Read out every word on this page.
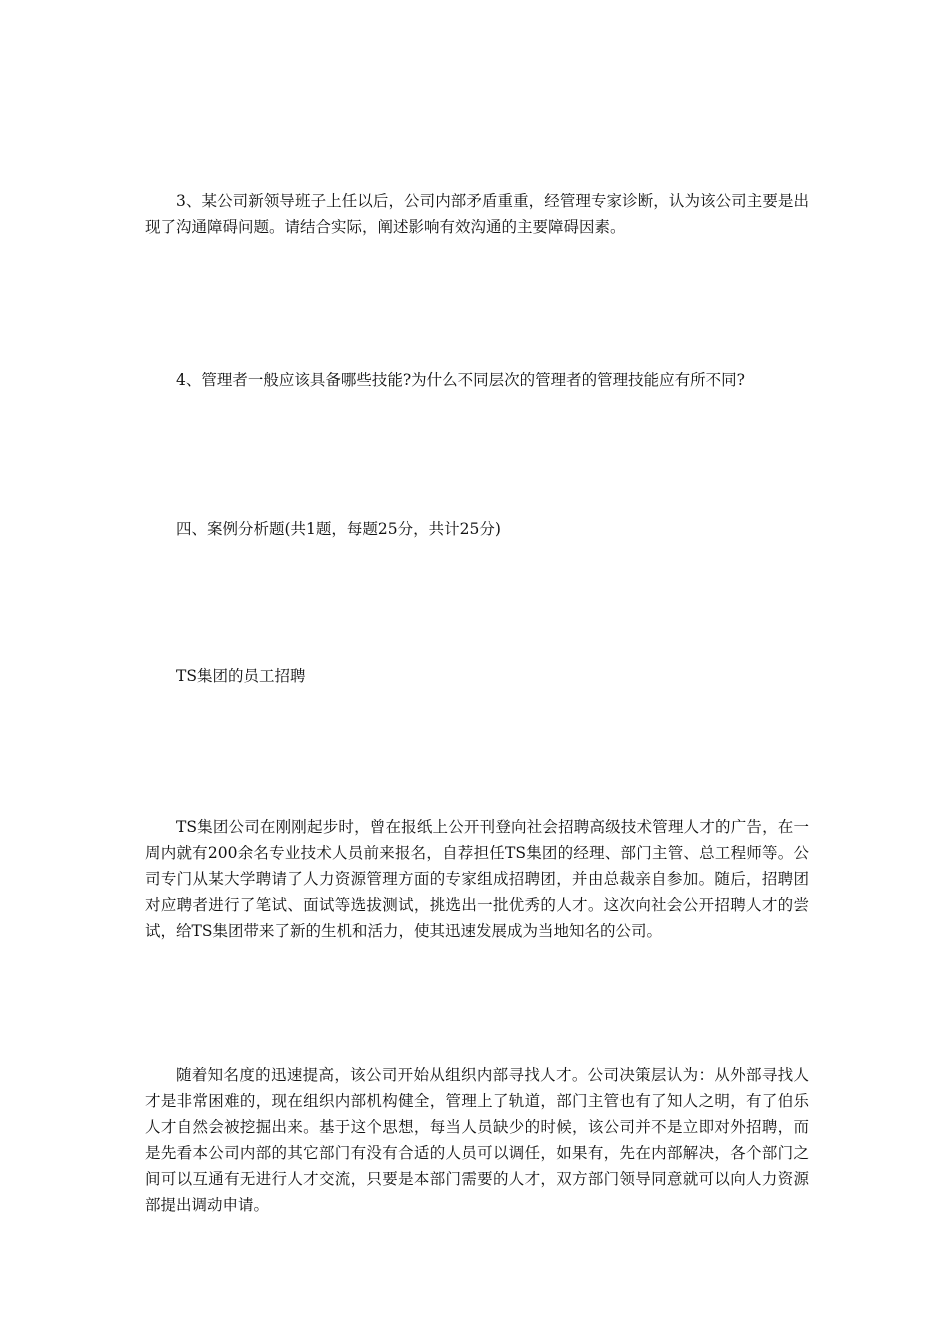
3、某公司新领导班子上任以后，公司内部矛盾重重，经管理专家诊断，认为该公司主要是出现了沟通障碍问题。请结合实际，阐述影响有效沟通的主要障碍因素。

4、管理者一般应该具备哪些技能?为什么不同层次的管理者的管理技能应有所不同?

四、案例分析题(共1题，每题25分，共计25分)

TS集团的员工招聘

TS集团公司在刚刚起步时，曾在报纸上公开刊登向社会招聘高级技术管理人才的广告，在一周内就有200余名专业技术人员前来报名，自荐担任TS集团的经理、部门主管、总工程师等。公司专门从某大学聘请了人力资源管理方面的专家组成招聘团，并由总裁亲自参加。随后，招聘团对应聘者进行了笔试、面试等选拔测试，挑选出一批优秀的人才。这次向社会公开招聘人才的尝试，给TS集团带来了新的生机和活力，使其迅速发展成为当地知名的公司。

随着知名度的迅速提高，该公司开始从组织内部寻找人才。公司决策层认为：从外部寻找人才是非常困难的，现在组织内部机构健全，管理上了轨道，部门主管也有了知人之明，有了伯乐人才自然会被挖掘出来。基于这个思想，每当人员缺少的时候，该公司并不是立即对外招聘，而是先看本公司内部的其它部门有没有合适的人员可以调任，如果有，先在内部解决，各个部门之间可以互通有无进行人才交流，只要是本部门需要的人才，双方部门领导同意就可以向人力资源部提出调动申请。
